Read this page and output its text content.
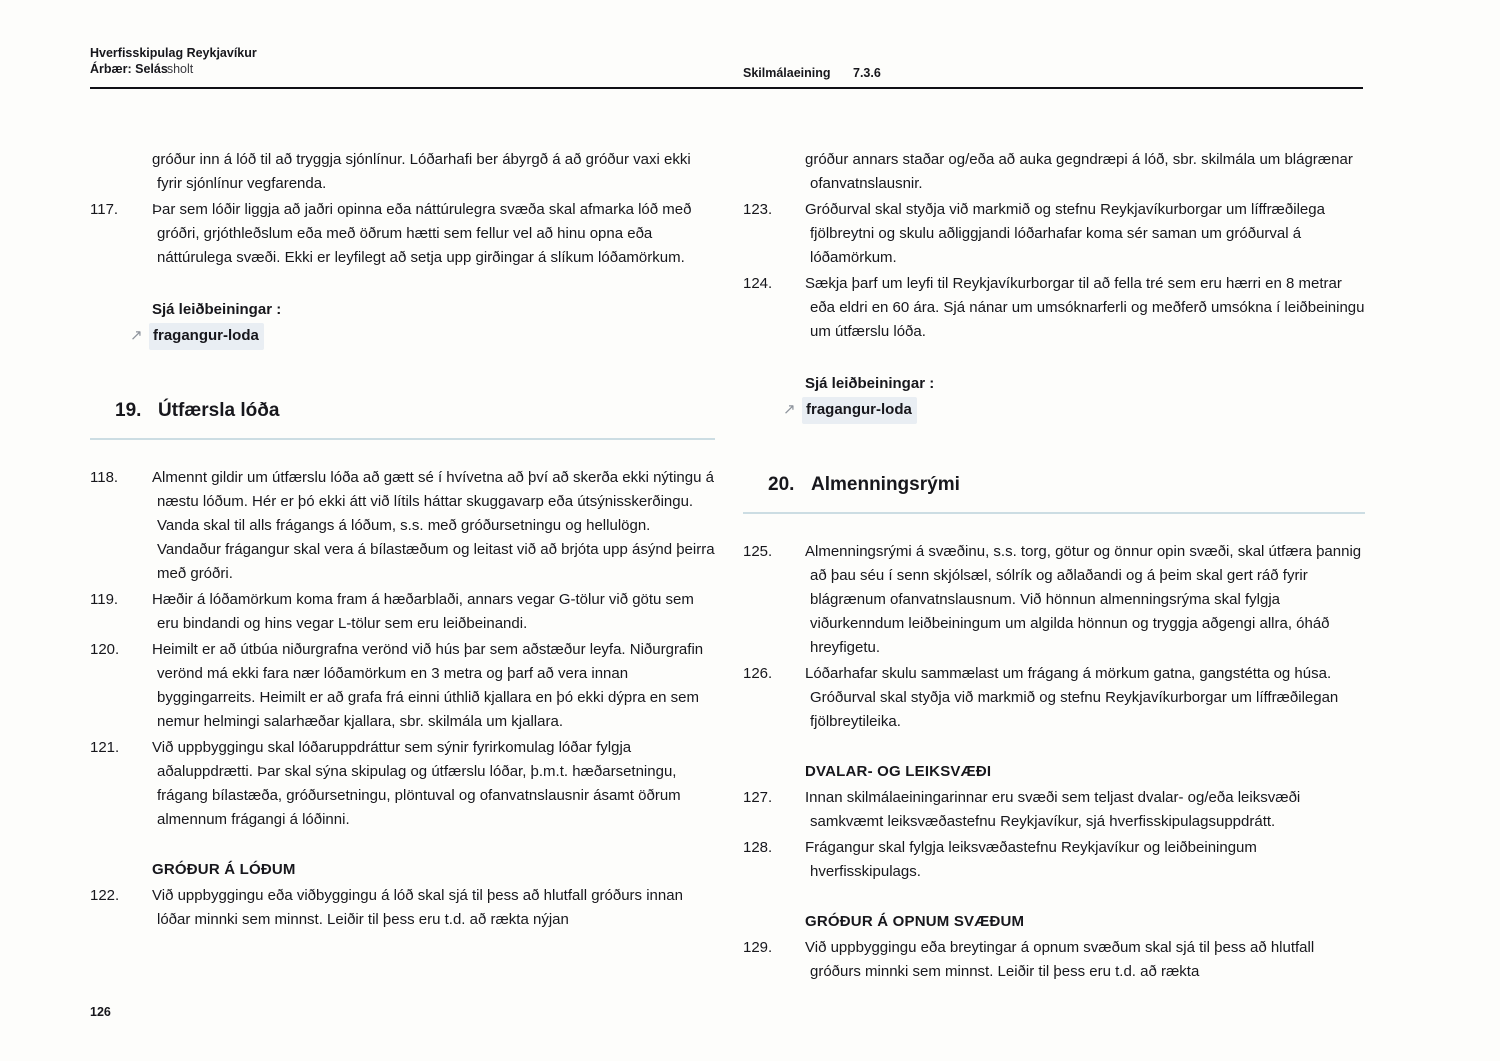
Hverfisskipulag Reykjavíkur
Árbær: Selássholt	Skilmálaeining 7.3.6
gróður inn á lóð til að tryggja sjónlínur. Lóðarhafi ber ábyrgð á að gróður vaxi ekki fyrir sjónlínur vegfarenda.
117.	Þar sem lóðir liggja að jaðri opinna eða náttúrulegra svæða skal afmarka lóð með gróðri, grjóthleðslum eða með öðrum hætti sem fellur vel að hinu opna eða náttúrulega svæði. Ekki er leyfilegt að setja upp girðingar á slíkum lóðamörkum.
Sjá leiðbeiningar :
↗ fragangur-loda
19. Útfærsla lóða
118.	Almennt gildir um útfærslu lóða að gætt sé í hvívetna að því að skerða ekki nýtingu á næstu lóðum. Hér er þó ekki átt við lítils háttar skuggavarp eða útsýnisskerðingu. Vanda skal til alls frágangs á lóðum, s.s. með gróðursetningu og hellulögn. Vandaður frágangur skal vera á bílastæðum og leitast við að brjóta upp ásýnd þeirra með gróðri.
119.	Hæðir á lóðamörkum koma fram á hæðarblaði, annars vegar G-tölur við götu sem eru bindandi og hins vegar L-tölur sem eru leiðbeinandi.
120.	Heimilt er að útbúa niðurgrafna verönd við hús þar sem aðstæður leyfa. Niðurgrafin verönd má ekki fara nær lóðamörkum en 3 metra og þarf að vera innan byggingarreits. Heimilt er að grafa frá einni úthlið kjallara en þó ekki dýpra en sem nemur helmingi salarhæðar kjallara, sbr. skilmála um kjallara.
121.	Við uppbyggingu skal lóðaruppdráttur sem sýnir fyrirkomulag lóðar fylgja aðaluppdrætti. Þar skal sýna skipulag og útfærslu lóðar, þ.m.t. hæðarsetningu, frágang bílastæða, gróðursetningu, plöntuval og ofanvatnslausnir ásamt öðrum almennum frágangi á lóðinni.
GRÓÐUR Á LÓÐUM
122.	Við uppbyggingu eða viðbyggingu á lóð skal sjá til þess að hlutfall gróðurs innan lóðar minnki sem minnst. Leiðir til þess eru t.d. að rækta nýjan
gróður annars staðar og/eða að auka gegndræpi á lóð, sbr. skilmála um blágrænar ofanvatnslausnir.
123.	Gróðurval skal styðja við markmið og stefnu Reykjavíkurborgar um líffræðilega fjölbreytni og skulu aðliggjandi lóðarhafar koma sér saman um gróðurval á lóðamörkum.
124.	Sækja þarf um leyfi til Reykjavíkurborgar til að fella tré sem eru hærri en 8 metrar eða eldri en 60 ára. Sjá nánar um umsóknarferli og meðferð umsókna í leiðbeiningu um útfærslu lóða.
Sjá leiðbeiningar :
↗ fragangur-loda
20. Almenningsrými
125.	Almenningsrými á svæðinu, s.s. torg, götur og önnur opin svæði, skal útfæra þannig að þau séu í senn skjólsæl, sólrík og aðlaðandi og á þeim skal gert ráð fyrir blágrænum ofanvatnslausnum. Við hönnun almenningsrýma skal fylgja viðurkenndum leiðbeiningum um algilda hönnun og tryggja aðgengi allra, óháð hreyfigetu.
126.	Lóðarhafar skulu sammælast um frágang á mörkum gatna, gangstétta og húsa. Gróðurval skal styðja við markmið og stefnu Reykjavíkurborgar um líffræðilegan fjölbreytileika.
DVALAR- OG LEIKSVÆÐI
127.	Innan skilmálaeiningarinnar eru svæði sem teljast dvalar- og/eða leiksvæði samkvæmt leiksvæðastefnu Reykjavíkur, sjá hverfisskipulagsuppdrátt.
128.	Frágangur skal fylgja leiksvæðastefnu Reykjavíkur og leiðbeiningum hverfisskipulags.
GRÓÐUR Á OPNUM SVÆÐUM
129.	Við uppbyggingu eða breytingar á opnum svæðum skal sjá til þess að hlutfall gróðurs minnki sem minnst. Leiðir til þess eru t.d. að rækta
126
